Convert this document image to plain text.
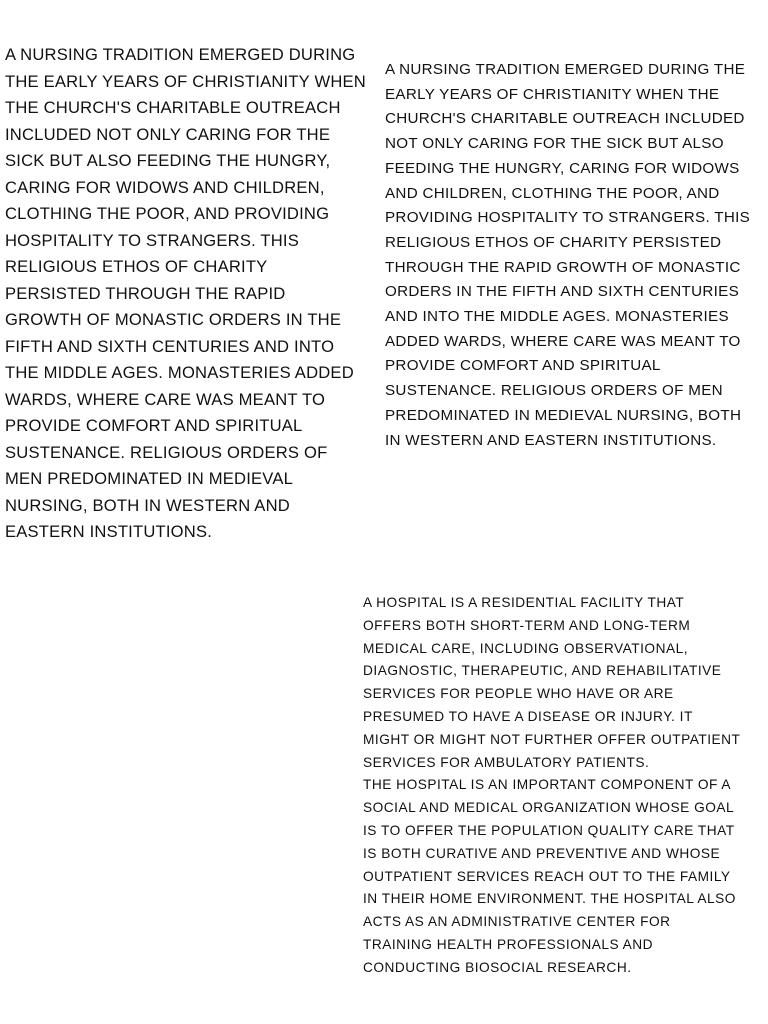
A NURSING TRADITION EMERGED DURING THE EARLY YEARS OF CHRISTIANITY WHEN THE CHURCH'S CHARITABLE OUTREACH INCLUDED NOT ONLY CARING FOR THE SICK BUT ALSO FEEDING THE HUNGRY, CARING FOR WIDOWS AND CHILDREN, CLOTHING THE POOR, AND PROVIDING HOSPITALITY TO STRANGERS. THIS RELIGIOUS ETHOS OF CHARITY PERSISTED THROUGH THE RAPID GROWTH OF MONASTIC ORDERS IN THE FIFTH AND SIXTH CENTURIES AND INTO THE MIDDLE AGES. MONASTERIES ADDED WARDS, WHERE CARE WAS MEANT TO PROVIDE COMFORT AND SPIRITUAL SUSTENANCE. RELIGIOUS ORDERS OF MEN PREDOMINATED IN MEDIEVAL NURSING, BOTH IN WESTERN AND EASTERN INSTITUTIONS.

A NURSING TRADITION EMERGED DURING THE EARLY YEARS OF CHRISTIANITY WHEN THE CHURCH'S CHARITABLE OUTREACH INCLUDED NOT ONLY CARING FOR THE SICK BUT ALSO FEEDING THE HUNGRY, CARING FOR WIDOWS AND CHILDREN, CLOTHING THE POOR, AND PROVIDING HOSPITALITY TO STRANGERS. THIS RELIGIOUS ETHOS OF CHARITY PERSISTED THROUGH THE RAPID GROWTH OF MONASTIC ORDERS IN THE FIFTH AND SIXTH CENTURIES AND INTO THE MIDDLE AGES. MONASTERIES ADDED WARDS, WHERE CARE WAS MEANT TO PROVIDE COMFORT AND SPIRITUAL SUSTENANCE. RELIGIOUS ORDERS OF MEN PREDOMINATED IN MEDIEVAL NURSING, BOTH IN WESTERN AND EASTERN INSTITUTIONS.

A HOSPITAL IS A RESIDENTIAL FACILITY THAT OFFERS BOTH SHORT-TERM AND LONG-TERM MEDICAL CARE, INCLUDING OBSERVATIONAL, DIAGNOSTIC, THERAPEUTIC, AND REHABILITATIVE SERVICES FOR PEOPLE WHO HAVE OR ARE PRESUMED TO HAVE A DISEASE OR INJURY. IT MIGHT OR MIGHT NOT FURTHER OFFER OUTPATIENT SERVICES FOR AMBULATORY PATIENTS.

THE HOSPITAL IS AN IMPORTANT COMPONENT OF A SOCIAL AND MEDICAL ORGANIZATION WHOSE GOAL IS TO OFFER THE POPULATION QUALITY CARE THAT IS BOTH CURATIVE AND PREVENTIVE AND WHOSE OUTPATIENT SERVICES REACH OUT TO THE FAMILY IN THEIR HOME ENVIRONMENT. THE HOSPITAL ALSO ACTS AS AN ADMINISTRATIVE CENTER FOR TRAINING HEALTH PROFESSIONALS AND CONDUCTING BIOSOCIAL RESEARCH.
